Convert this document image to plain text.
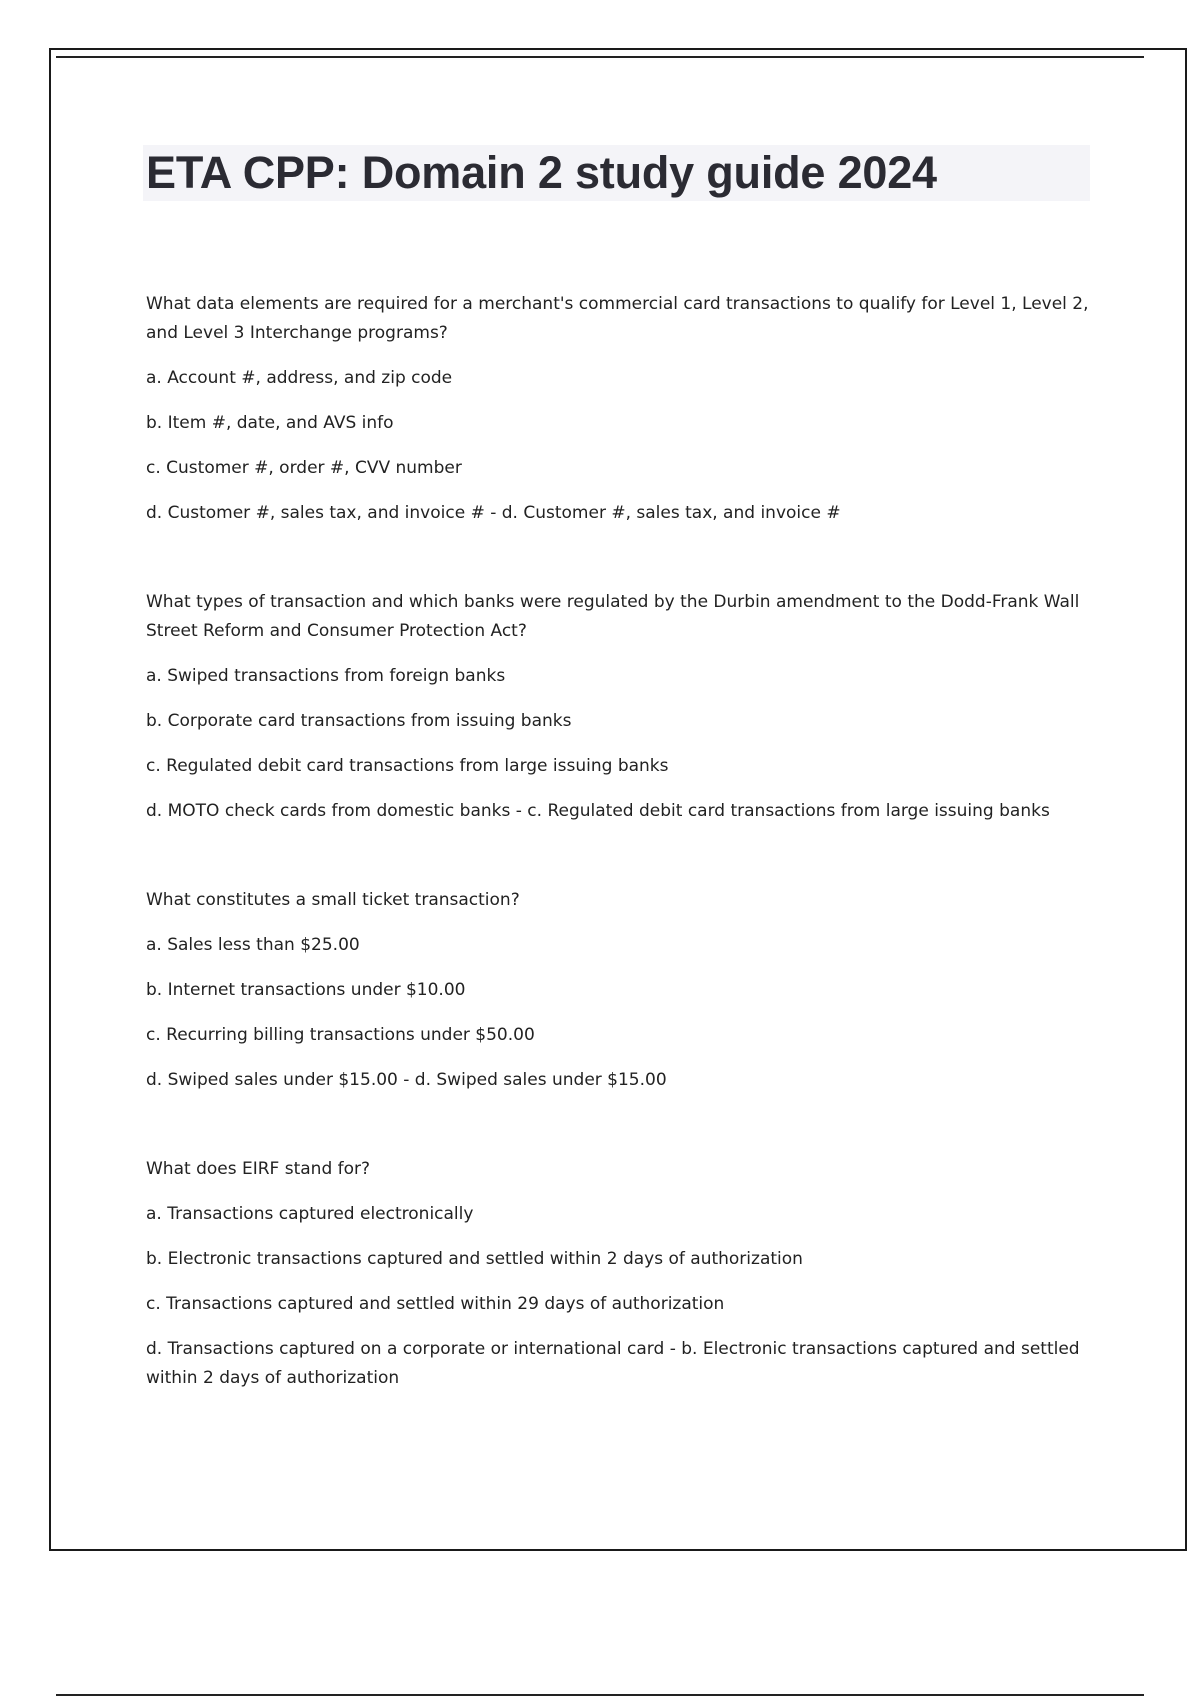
ETA CPP: Domain 2 study guide 2024

What data elements are required for a merchant's commercial card transactions to qualify for Level 1, Level 2, and Level 3 Interchange programs?

a. Account #, address, and zip code

b. Item #, date, and AVS info

c. Customer #, order #, CVV number

d. Customer #, sales tax, and invoice # - d. Customer #, sales tax, and invoice #

What types of transaction and which banks were regulated by the Durbin amendment to the Dodd-Frank Wall Street Reform and Consumer Protection Act?

a. Swiped transactions from foreign banks

b. Corporate card transactions from issuing banks

c. Regulated debit card transactions from large issuing banks

d. MOTO check cards from domestic banks - c. Regulated debit card transactions from large issuing banks

What constitutes a small ticket transaction?

a. Sales less than $25.00

b. Internet transactions under $10.00

c. Recurring billing transactions under $50.00

d. Swiped sales under $15.00 - d. Swiped sales under $15.00

What does EIRF stand for?

a. Transactions captured electronically

b. Electronic transactions captured and settled within 2 days of authorization

c. Transactions captured and settled within 29 days of authorization

d. Transactions captured on a corporate or international card - b. Electronic transactions captured and settled within 2 days of authorization
